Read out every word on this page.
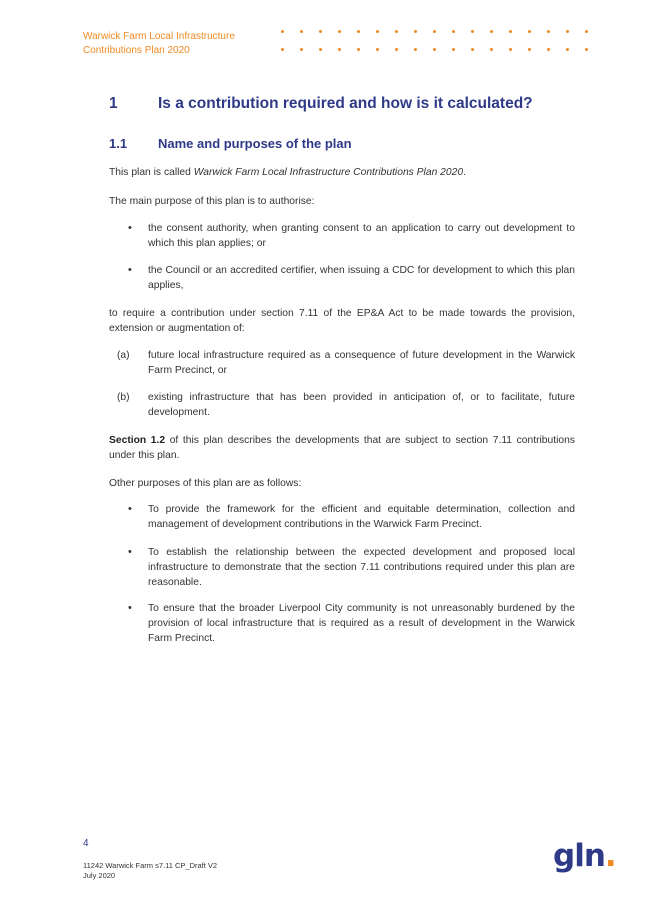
Warwick Farm Local Infrastructure
Contributions Plan 2020
1	Is a contribution required and how is it calculated?
1.1 Name and purposes of the plan
This plan is called Warwick Farm Local Infrastructure Contributions Plan 2020.
The main purpose of this plan is to authorise:
• the consent authority, when granting consent to an application to carry out development to which this plan applies; or
• the Council or an accredited certifier, when issuing a CDC for development to which this plan applies,
to require a contribution under section 7.11 of the EP&A Act to be made towards the provision, extension or augmentation of:
(a)	future local infrastructure required as a consequence of future development in the Warwick Farm Precinct, or
(b)	existing infrastructure that has been provided in anticipation of, or to facilitate, future development.
Section 1.2 of this plan describes the developments that are subject to section 7.11 contributions under this plan.
Other purposes of this plan are as follows:
• To provide the framework for the efficient and equitable determination, collection and management of development contributions in the Warwick Farm Precinct.
• To establish the relationship between the expected development and proposed local infrastructure to demonstrate that the section 7.11 contributions required under this plan are reasonable.
• To ensure that the broader Liverpool City community is not unreasonably burdened by the provision of local infrastructure that is required as a result of development in the Warwick Farm Precinct.
4
11242 Warwick Farm s7.11 CP_Draft V2
July 2020
gln.
